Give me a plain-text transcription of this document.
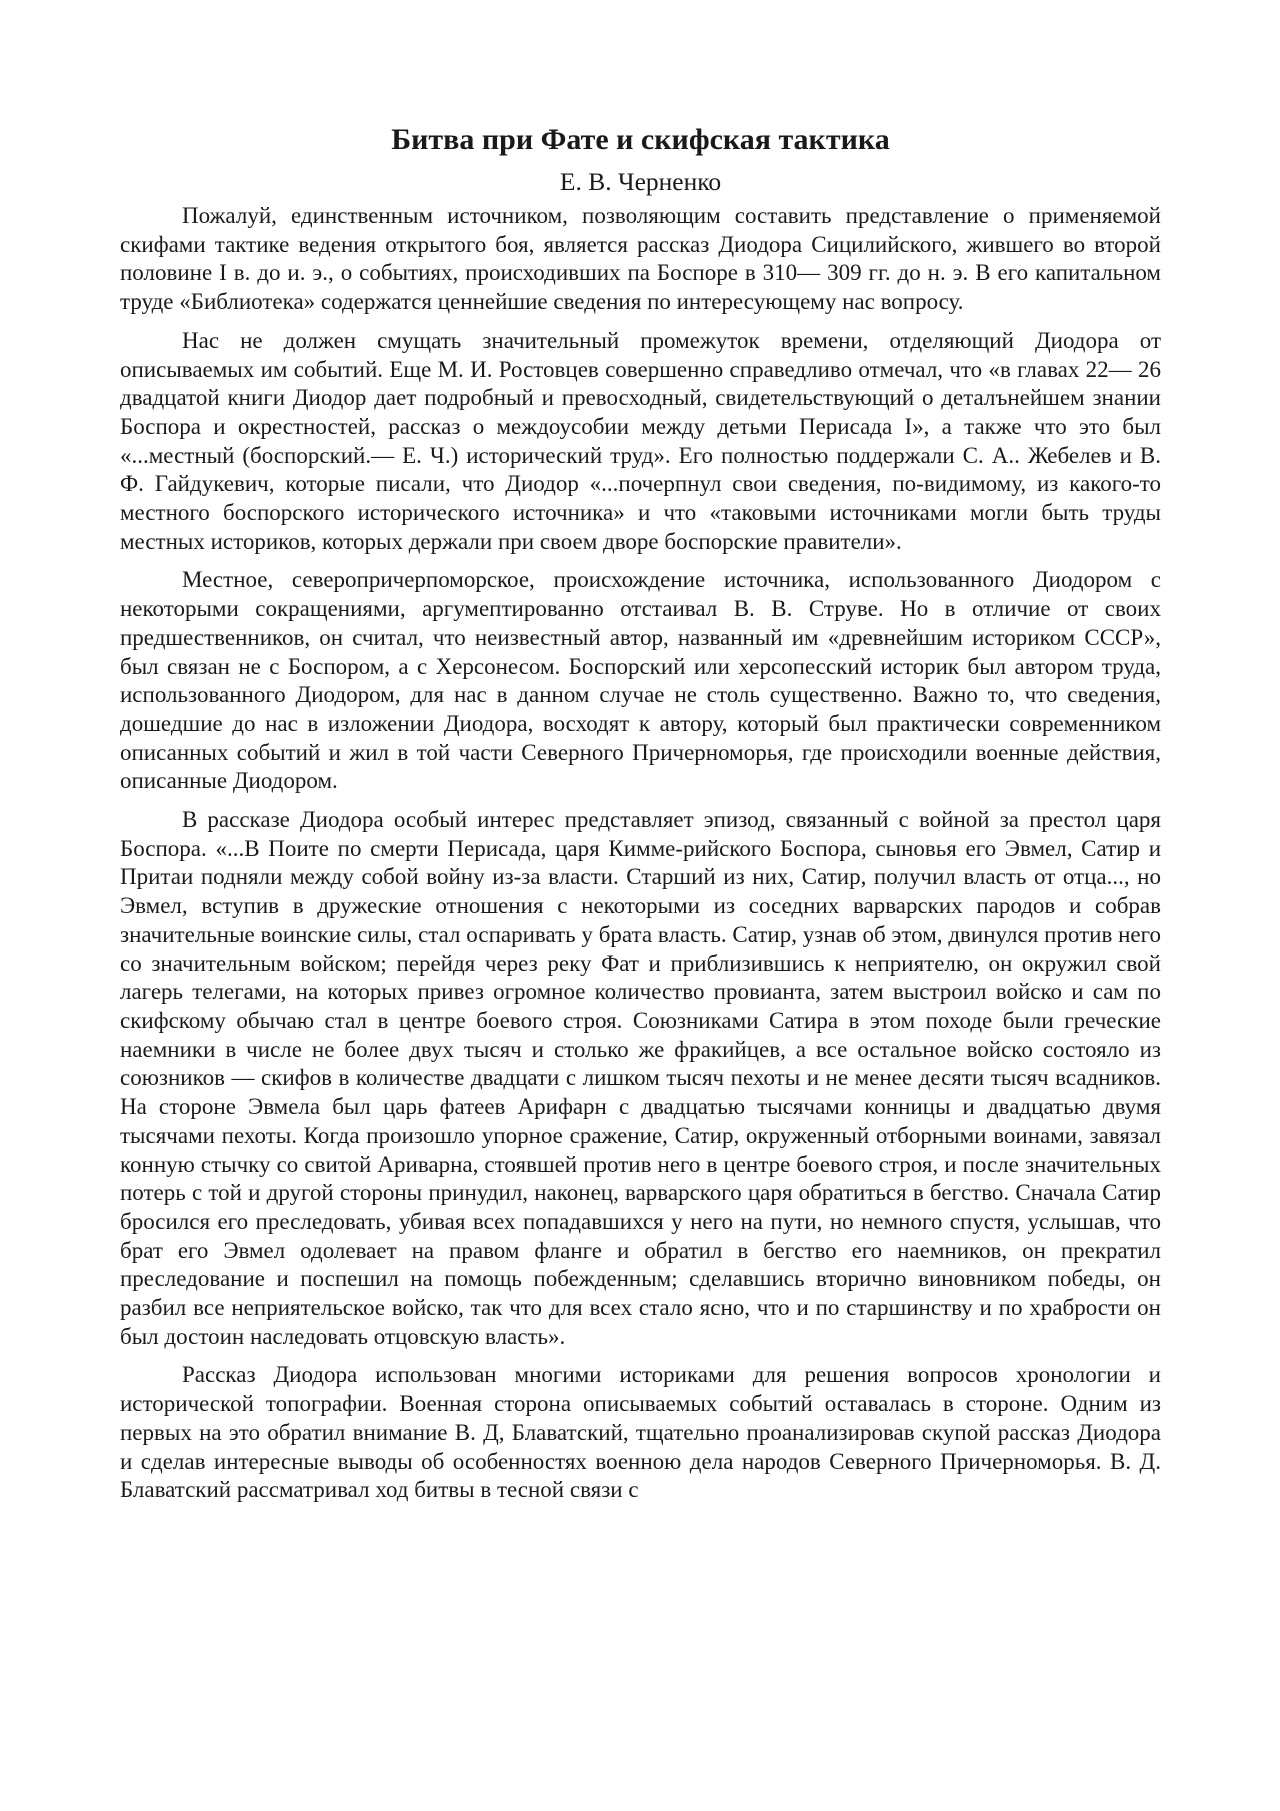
Битва при Фате и скифская тактика
Е. В. Черненко

Пожалуй, единственным источником, позволяющим составить представление о применяемой скифами тактике ведения открытого боя, является рассказ Диодора Сицилийского, жившего во второй половине I в. до и. э., о событиях, происходивших па Боспоре в 310— 309 гг. до н. э. В его капитальном труде «Библиотека» содержатся ценнейшие сведения по интересующему нас вопросу.

Нас не должен смущать значительный промежуток времени, отделяющий Диодора от описываемых им событий. Еще М. И. Ростовцев совершенно справедливо отмечал, что «в главах 22— 26 двадцатой книги Диодор дает подробный и превосходный, свидетельствующий о деталънейшем знании Боспора и окрестностей, рассказ о междоусобии между детьми Перисада I», а также что это был «...местный (боспорский.— Е. Ч.) исторический труд». Его полностью поддержали С. А.. Жебелев и В. Ф. Гайдукевич, которые писали, что Диодор «...почерпнул свои сведения, по-видимому, из какого-то местного боспорского исторического источника» и что «таковыми источниками могли быть труды местных историков, которых держали при своем дворе боспорские правители».

Местное, северопричерпоморское, происхождение источника, использованного Диодором с некоторыми сокращениями, аргумептированно отстаивал В. В. Струве. Но в отличие от своих предшественников, он считал, что неизвестный автор, названный им «древнейшим историком СССР», был связан не с Боспором, а с Херсонесом. Боспорский или херсопесский историк был автором труда, использованного Диодором, для нас в данном случае не столь существенно. Важно то, что сведения, дошедшие до нас в изложении Диодора, восходят к автору, который был практически современником описанных событий и жил в той части Северного Причерноморья, где происходили военные действия, описанные Диодором.

В рассказе Диодора особый интерес представляет эпизод, связанный с войной за престол царя Боспора. «...В Поите по смерти Перисада, царя Кимме-рийского Боспора, сыновья его Эвмел, Сатир и Притаи подняли между собой войну из-за власти. Старший из них, Сатир, получил власть от отца..., но Эвмел, вступив в дружеские отношения с некоторыми из соседних варварских пародов и собрав значительные воинские силы, стал оспаривать у брата власть. Сатир, узнав об этом, двинулся против него со значительным войском; перейдя через реку Фат и приблизившись к неприятелю, он окружил свой лагерь телегами, на которых привез огромное количество провианта, затем выстроил войско и сам по скифскому обычаю стал в центре боевого строя. Союзниками Сатира в этом походе были греческие наемники в числе не более двух тысяч и столько же фракийцев, а все остальное войско состояло из союзников — скифов в количестве двадцати с лишком тысяч пехоты и не менее десяти тысяч всадников. На стороне Эвмела был царь фатеев Арифарн с двадцатью тысячами конницы и двадцатью двумя тысячами пехоты. Когда произошло упорное сражение, Сатир, окруженный отборными воинами, завязал конную стычку со свитой Ариварна, стоявшей против него в центре боевого строя, и после значительных потерь с той и другой стороны принудил, наконец, варварского царя обратиться в бегство. Сначала Сатир бросился его преследовать, убивая всех попадавшихся у него на пути, но немного спустя, услышав, что брат его Эвмел одолевает на правом фланге и обратил в бегство его наемников, он прекратил преследование и поспешил на помощь побежденным; сделавшись вторично виновником победы, он разбил все неприятельское войско, так что для всех стало ясно, что и по старшинству и по храбрости он был достоин наследовать отцовскую власть».

Рассказ Диодора использован многими историками для решения вопросов хронологии и исторической топографии. Военная сторона описываемых событий оставалась в стороне. Одним из первых на это обратил внимание В. Д, Блаватский, тщательно проанализировав скупой рассказ Диодора и сделав интересные выводы об особенностях военною дела народов Северного Причерноморья. В. Д. Блаватский рассматривал ход битвы в тесной связи с
